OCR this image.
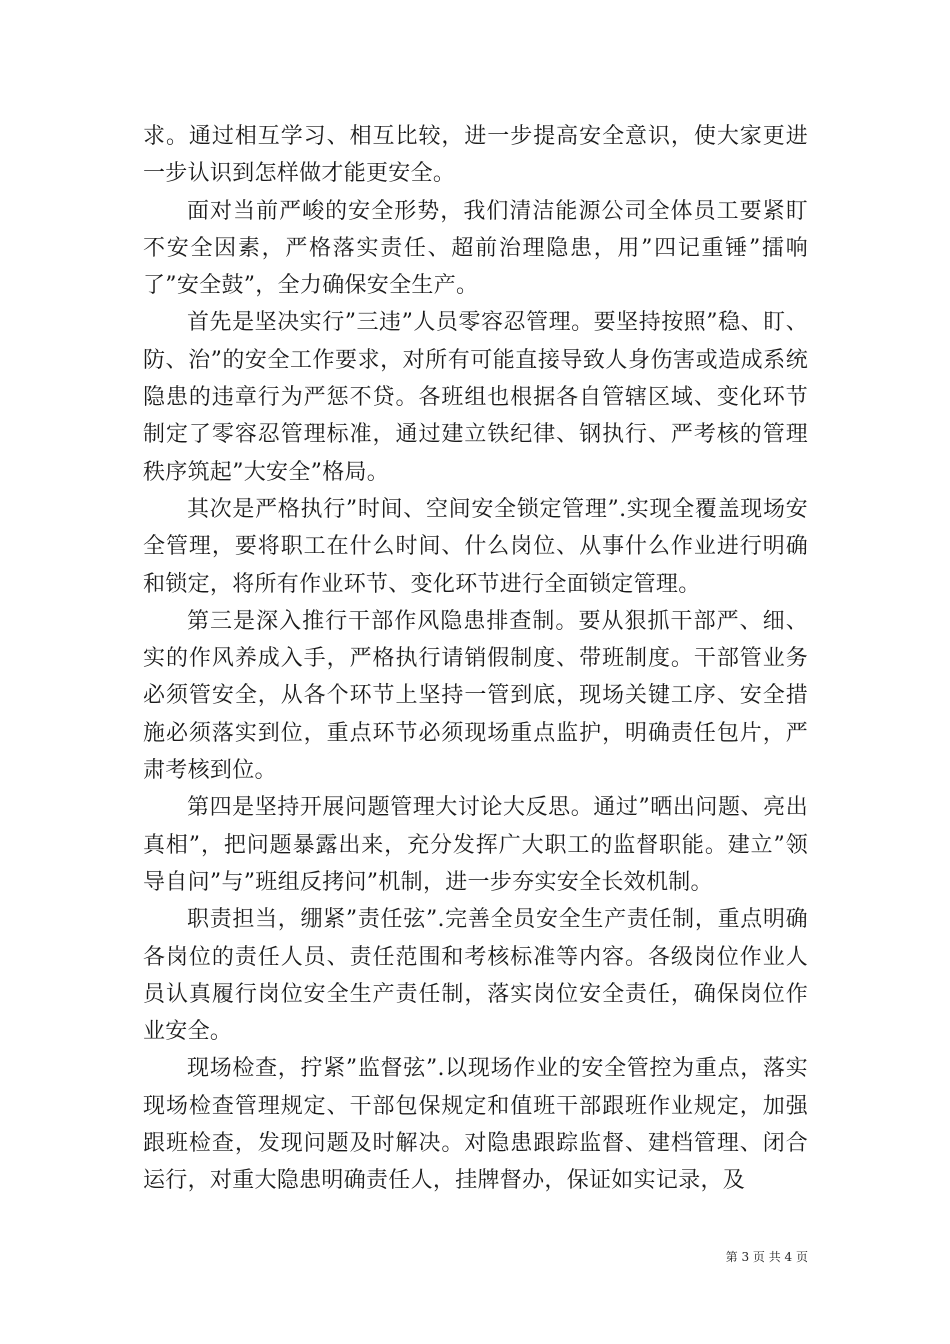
求。通过相互学习、相互比较，进一步提高安全意识，使大家更进一步认识到怎样做才能更安全。

面对当前严峻的安全形势，我们清洁能源公司全体员工要紧盯不安全因素，严格落实责任、超前治理隐患，用”四记重锤”擂响了”安全鼓”，全力确保安全生产。

首先是坚决实行”三违”人员零容忍管理。要坚持按照”稳、盯、防、治”的安全工作要求，对所有可能直接导致人身伤害或造成系统隐患的违章行为严惩不贷。各班组也根据各自管辖区域、变化环节制定了零容忍管理标准，通过建立铁纪律、钢执行、严考核的管理秩序筑起”大安全”格局。

其次是严格执行”时间、空间安全锁定管理”.实现全覆盖现场安全管理，要将职工在什么时间、什么岗位、从事什么作业进行明确和锁定，将所有作业环节、变化环节进行全面锁定管理。

第三是深入推行干部作风隐患排查制。要从狠抓干部严、细、实的作风养成入手，严格执行请销假制度、带班制度。干部管业务必须管安全，从各个环节上坚持一管到底，现场关键工序、安全措施必须落实到位，重点环节必须现场重点监护，明确责任包片，严肃考核到位。

第四是坚持开展问题管理大讨论大反思。通过”晒出问题、亮出真相”，把问题暴露出来，充分发挥广大职工的监督职能。建立”领导自问”与”班组反拷问”机制，进一步夯实安全长效机制。

职责担当，绷紧”责任弦”.完善全员安全生产责任制，重点明确各岗位的责任人员、责任范围和考核标准等内容。各级岗位作业人员认真履行岗位安全生产责任制，落实岗位安全责任，确保岗位作业安全。

现场检查，拧紧”监督弦”.以现场作业的安全管控为重点，落实现场检查管理规定、干部包保规定和值班干部跟班作业规定，加强跟班检查，发现问题及时解决。对隐患跟踪监督、建档管理、闭合运行，对重大隐患明确责任人，挂牌督办，保证如实记录，及

第 3 页 共 4 页
